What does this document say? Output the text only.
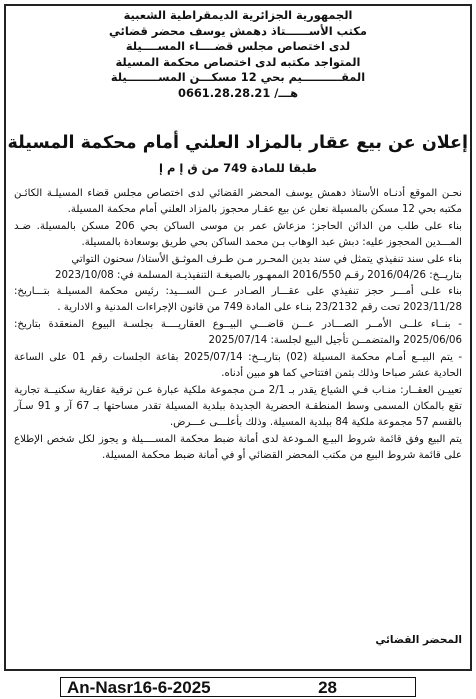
الجمهورية الجزائرية الديمقراطية الشعبية
مكتب الأســــــتاذ دهمش يوسف محضر قضائي
لدى اختصاص مجلس قضــــاء المســــيلة
المتواجد مكتبه لدى اختصاص محكمة المسيلة
المقــــــــــيم بحي 12 مسكـــن المســــــــيلة
هـــ/ 0661.28.28.21
إعلان عن بيع عقار بالمزاد العلني أمام محكمة المسيلة
طبقا للمادة 749 من ق إ م إ

نحـن الموقع أدنـاه الأستاذ دهمش يوسف المحضر القضائي لدى اختصاص مجلس قضاء المسيلـة الكائـن مكتبه بحي 12 مسكن بالمسيلة نعلن عن بيع عقـار محجوز بالمزاد العلني أمام محكمة المسيلة.

بناء على طلب من الدائن الحاجز: مزعاش عمر بن موسى الساكن بحي 206 مسكن بالمسيلة. ضـد المـــدين المحجوز عليه: دبش عبد الوهاب بـن محمد الساكن بحي طريق بوسعادة بالمسيلة.

بناء على سند تنفيذي يتمثل في سند بدين المحـرر مـن طـرف الموثـق الأستاذ/ سحنون التواتي

بتاريــخ: 2016/04/26 رقـم 2016/550 الممهـور بالصيغـة التنفيذيـة المسلمة في: 2023/10/08

بناء علـى أمـــر حجز تنفيذي على عقـــار الصـادر عــن الســـيد: رئيس محكمة المسيلـة بتـــاريخ: 2023/11/28 تحت رقم 23/2132 بنـاء على المادة 749 من قانون الإجراءات المدنية و الادارية .

- بنــاء علــى الأمــر الصـــادر عـــن قاضـــي البيــوع العقاريــــة بجلسـة البيوع المنعقدة بتاريخ: 2025/06/06 والمتضمــن تأجيل البيع لجلسة: 2025/07/14

- يتم البيــع أمـام محكمة المسيلة (02) بتاريــخ: 2025/07/14 بقاعة الجلسات رقم 01 على الساعة الحادية عشر صباحا وذلك بثمن افتتاحي كما هو مبين أدناه.

تعييـن العقــار: منـاب فـي الشياع يقدر بـ 2/1 مـن مجموعة ملكية عبارة عـن ترقية عقارية سكنيــة تجارية تقع بالمكان المسمى وسط المنطقـة الحضرية الجديدة ببلدية المسيلة تقدر مساحتها بـ 67 آر و 91 سـآر بالقسم 57 مجموعة ملكية 84 ببلدية المسيلة. وذلك بأعلـــى عـــرض.

يتم البيع وفق قائمة شروط البيـع المـودعة لدى أمانة ضبط محكمة المســــيلة و يجوز لكل شخص الإطلاع على قائمة شروط البيع من مكتب المحضر القضائي أو في أمانة ضبط محكمة المسيلة.

المحضر القضائي
An-Nasr16-6-2025	28
